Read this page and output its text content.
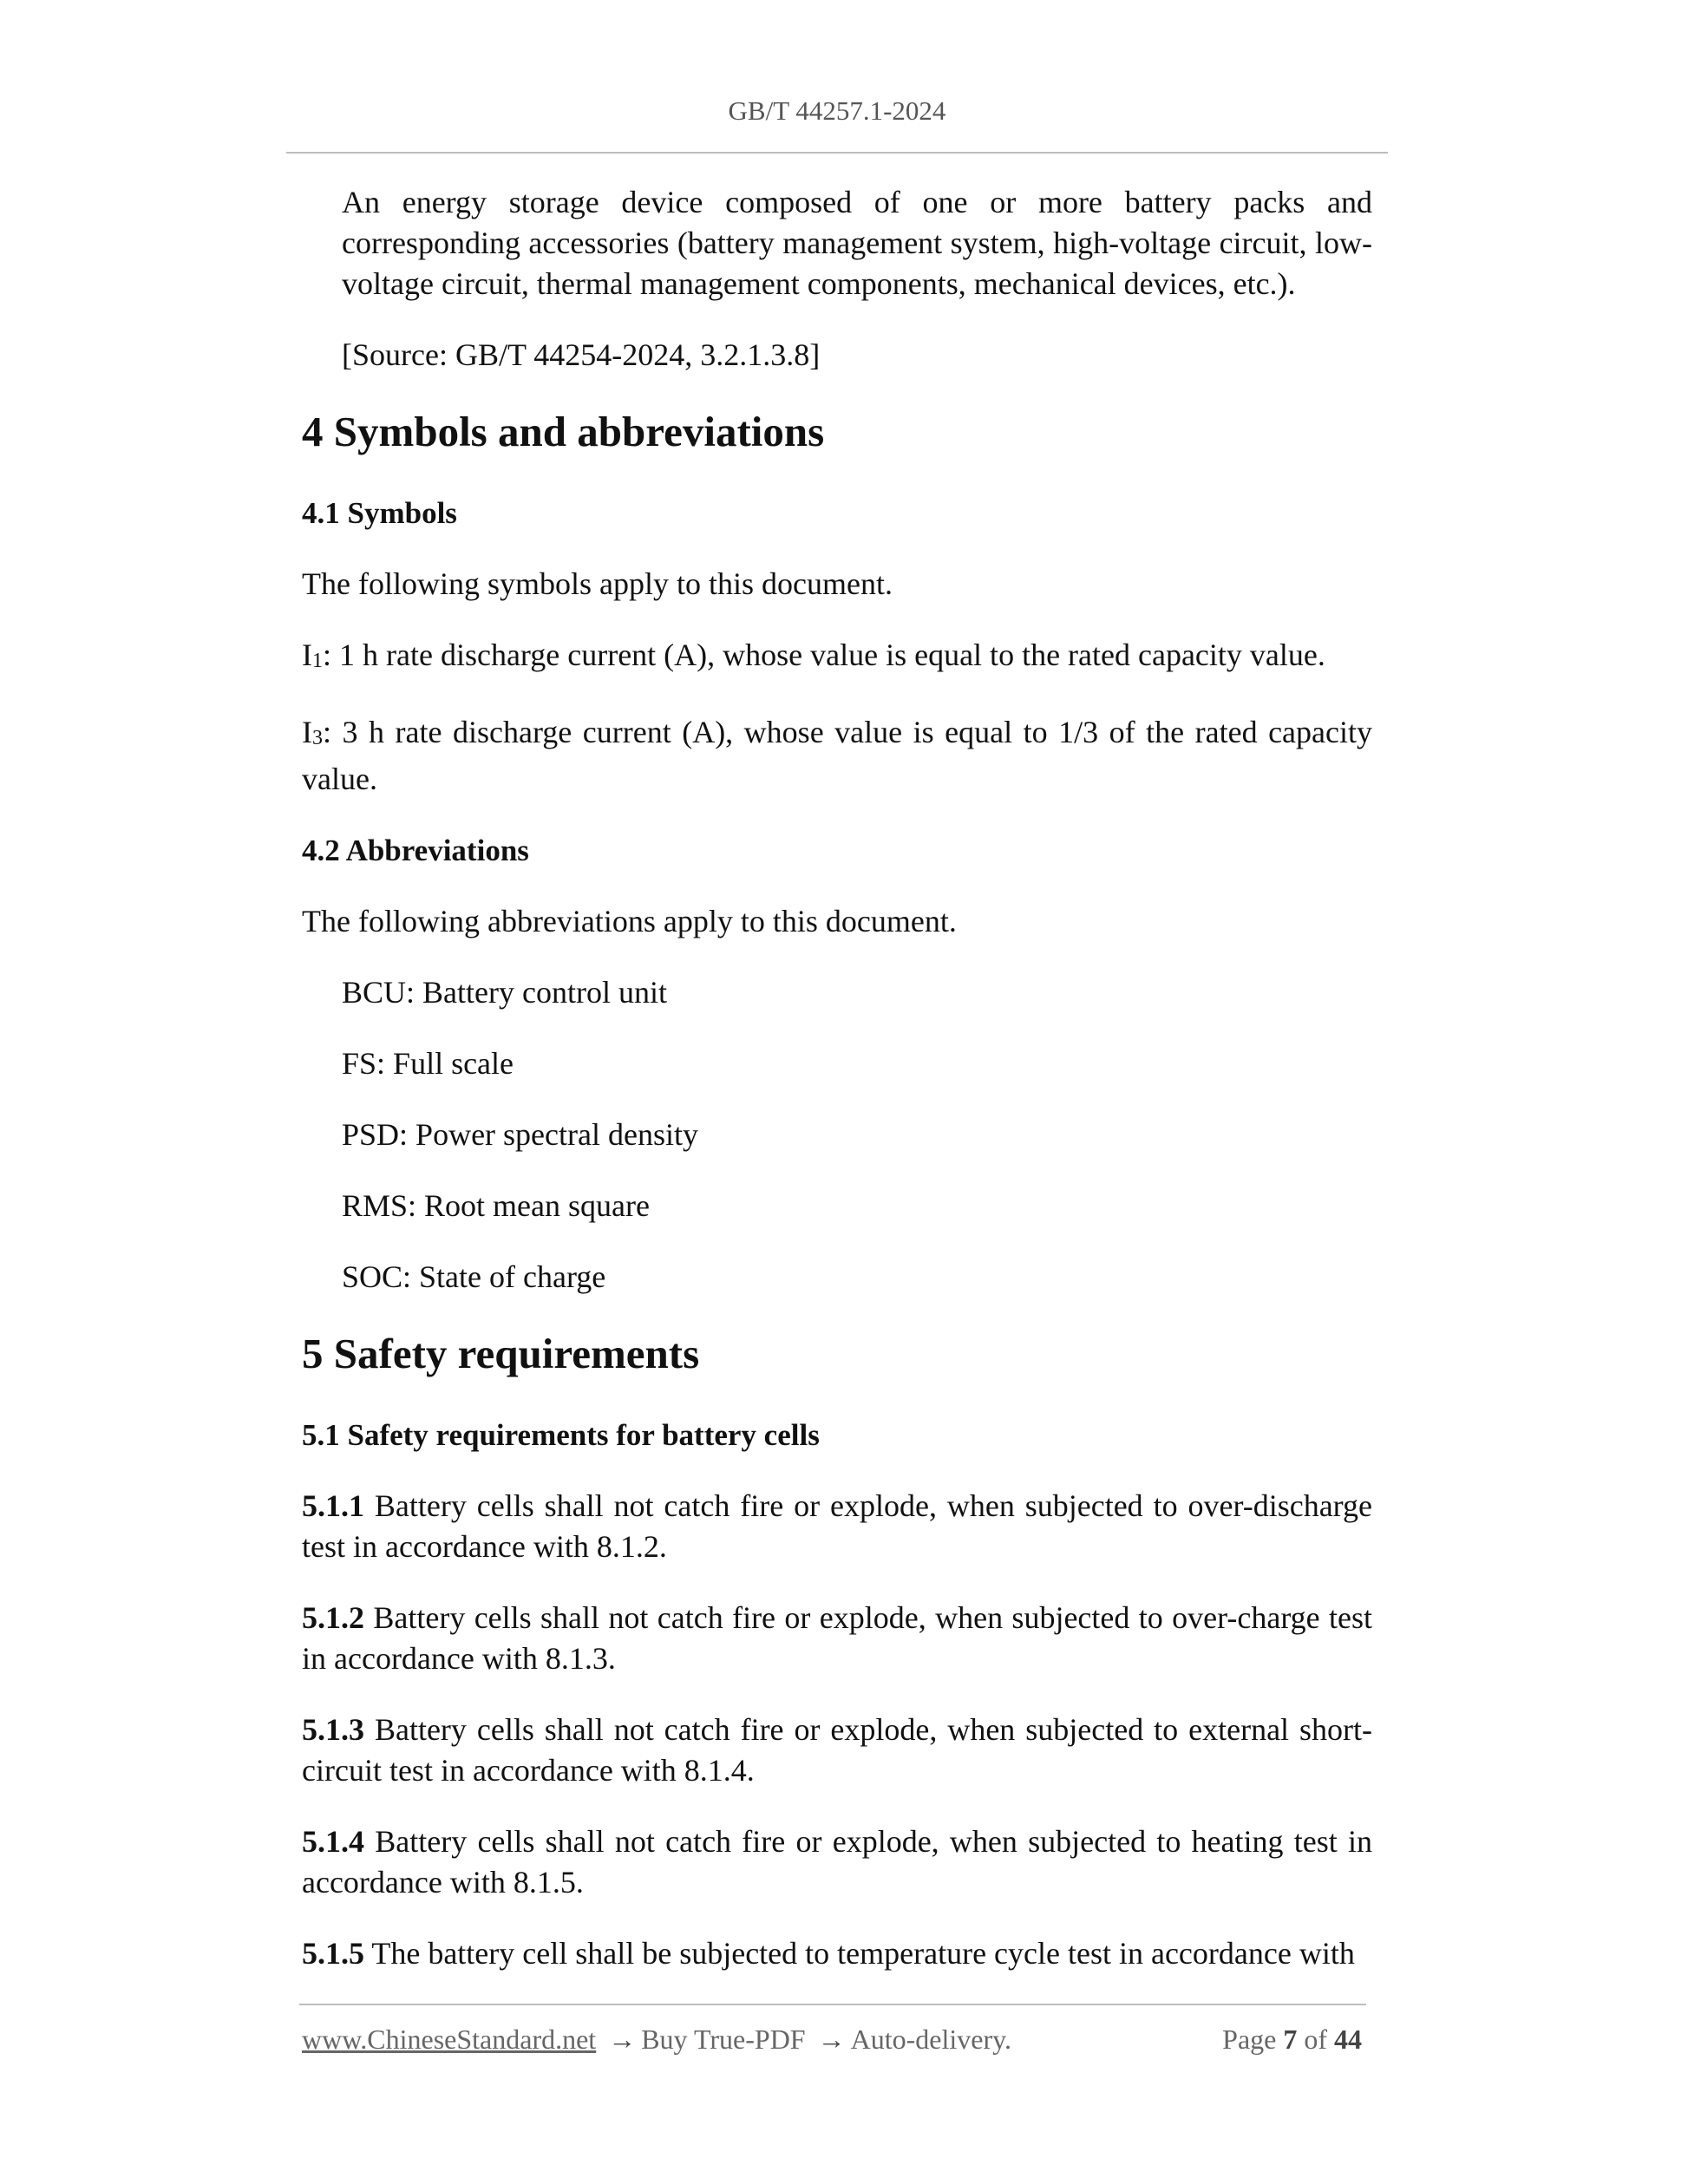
GB/T 44257.1-2024

An energy storage device composed of one or more battery packs and corresponding accessories (battery management system, high-voltage circuit, low-voltage circuit, thermal management components, mechanical devices, etc.).

[Source: GB/T 44254-2024, 3.2.1.3.8]

4 Symbols and abbreviations
4.1 Symbols

The following symbols apply to this document.

$I_1$: 1 h rate discharge current (A), whose value is equal to the rated capacity value.

$I_3$: 3 h rate discharge current (A), whose value is equal to 1/3 of the rated capacity value.

4.2 Abbreviations

The following abbreviations apply to this document.

BCU: Battery control unit

FS: Full scale

PSD: Power spectral density

RMS: Root mean square

SOC: State of charge

5 Safety requirements
5.1 Safety requirements for battery cells

5.1.1 Battery cells shall not catch fire or explode, when subjected to over-discharge test in accordance with 8.1.2.

5.1.2 Battery cells shall not catch fire or explode, when subjected to over-charge test in accordance with 8.1.3.

5.1.3 Battery cells shall not catch fire or explode, when subjected to external short-circuit test in accordance with 8.1.4.

5.1.4 Battery cells shall not catch fire or explode, when subjected to heating test in accordance with 8.1.5.

5.1.5 The battery cell shall be subjected to temperature cycle test in accordance with

www.ChineseStandard.net → Buy True-PDF → Auto-delivery.	Page 7 of 44
